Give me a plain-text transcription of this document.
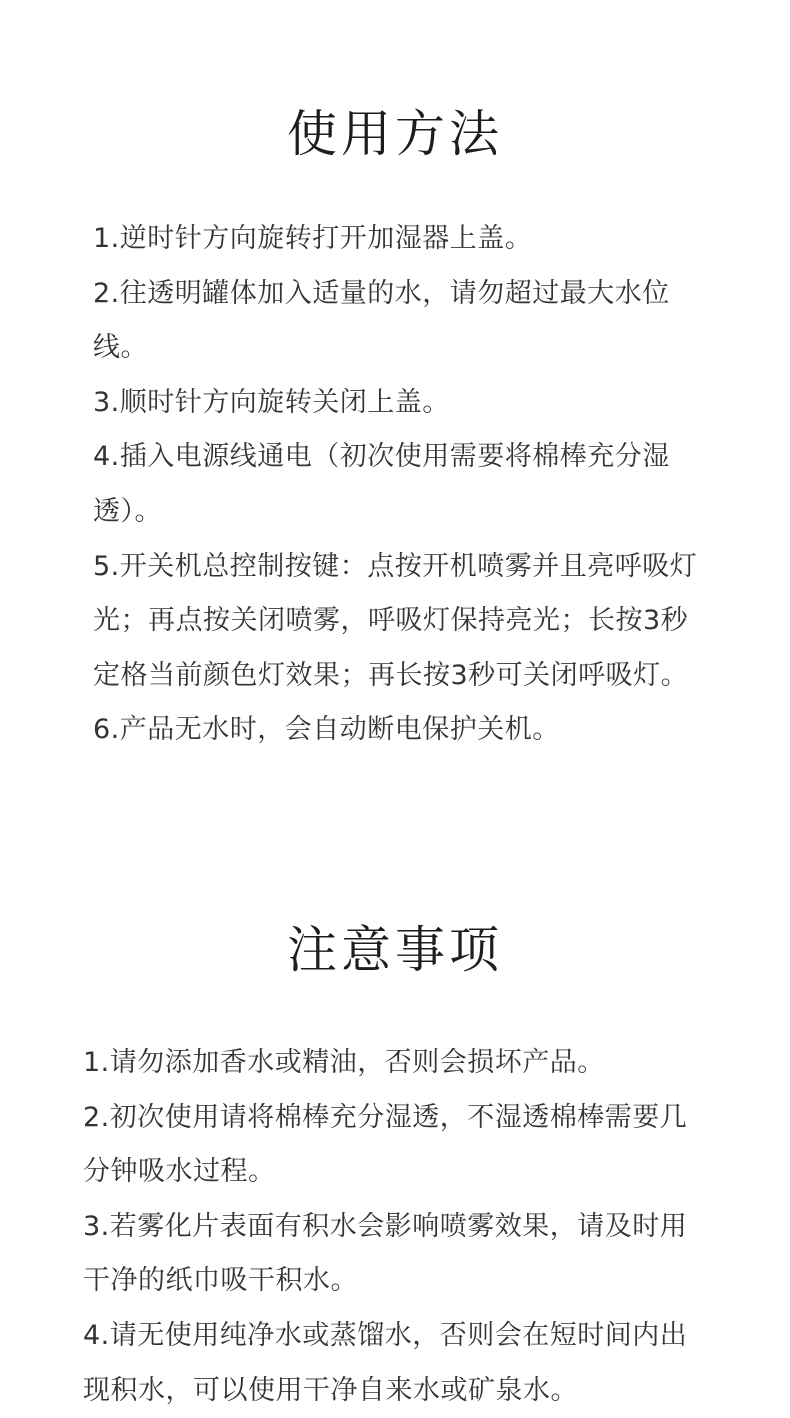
使用方法
1.逆时针方向旋转打开加湿器上盖。
2.往透明罐体加入适量的水，请勿超过最大水位线。
3.顺时针方向旋转关闭上盖。
4.插入电源线通电（初次使用需要将棉棒充分湿透）。
5.开关机总控制按键：点按开机喷雾并且亮呼吸灯光；再点按关闭喷雾，呼吸灯保持亮光；长按3秒定格当前颜色灯效果；再长按3秒可关闭呼吸灯。
6.产品无水时，会自动断电保护关机。
注意事项
1.请勿添加香水或精油，否则会损坏产品。
2.初次使用请将棉棒充分湿透，不湿透棉棒需要几分钟吸水过程。
3.若雾化片表面有积水会影响喷雾效果，请及时用干净的纸巾吸干积水。
4.请无使用纯净水或蒸馏水，否则会在短时间内出现积水，可以使用干净自来水或矿泉水。
